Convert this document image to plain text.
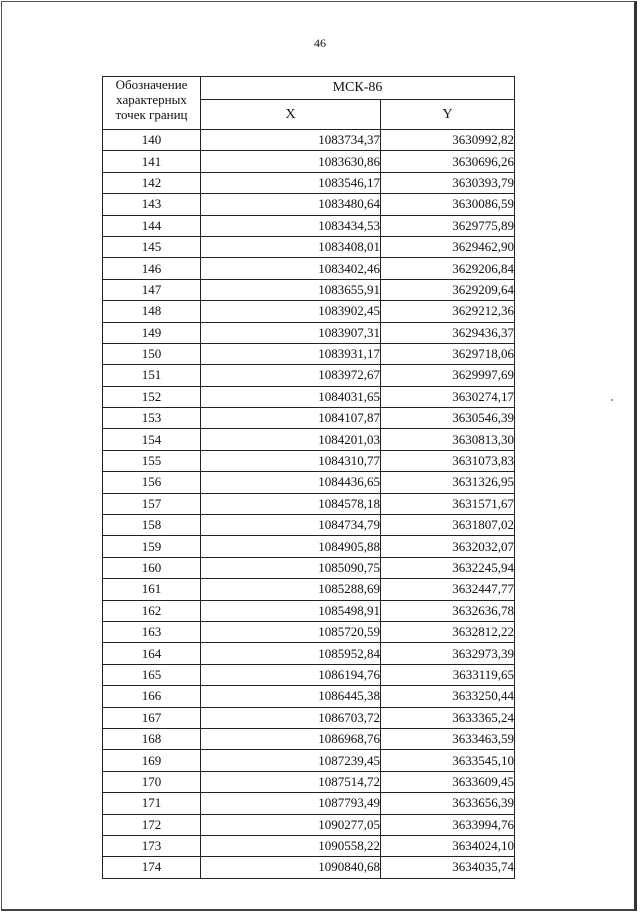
46
Обозначение характерных точек границ	МСК-86	
	X	Y
140	1083734,37	3630992,82
141	1083630,86	3630696,26
142	1083546,17	3630393,79
143	1083480,64	3630086,59
144	1083434,53	3629775,89
145	1083408,01	3629462,90
146	1083402,46	3629206,84
147	1083655,91	3629209,64
148	1083902,45	3629212,36
149	1083907,31	3629436,37
150	1083931,17	3629718,06
151	1083972,67	3629997,69
152	1084031,65	3630274,17
153	1084107,87	3630546,39
154	1084201,03	3630813,30
155	1084310,77	3631073,83
156	1084436,65	3631326,95
157	1084578,18	3631571,67
158	1084734,79	3631807,02
159	1084905,88	3632032,07
160	1085090,75	3632245,94
161	1085288,69	3632447,77
162	1085498,91	3632636,78
163	1085720,59	3632812,22
164	1085952,84	3632973,39
165	1086194,76	3633119,65
166	1086445,38	3633250,44
167	1086703,72	3633365,24
168	1086968,76	3633463,59
169	1087239,45	3633545,10
170	1087514,72	3633609,45
171	1087793,49	3633656,39
172	1090277,05	3633994,76
173	1090558,22	3634024,10
174	1090840,68	3634035,74
